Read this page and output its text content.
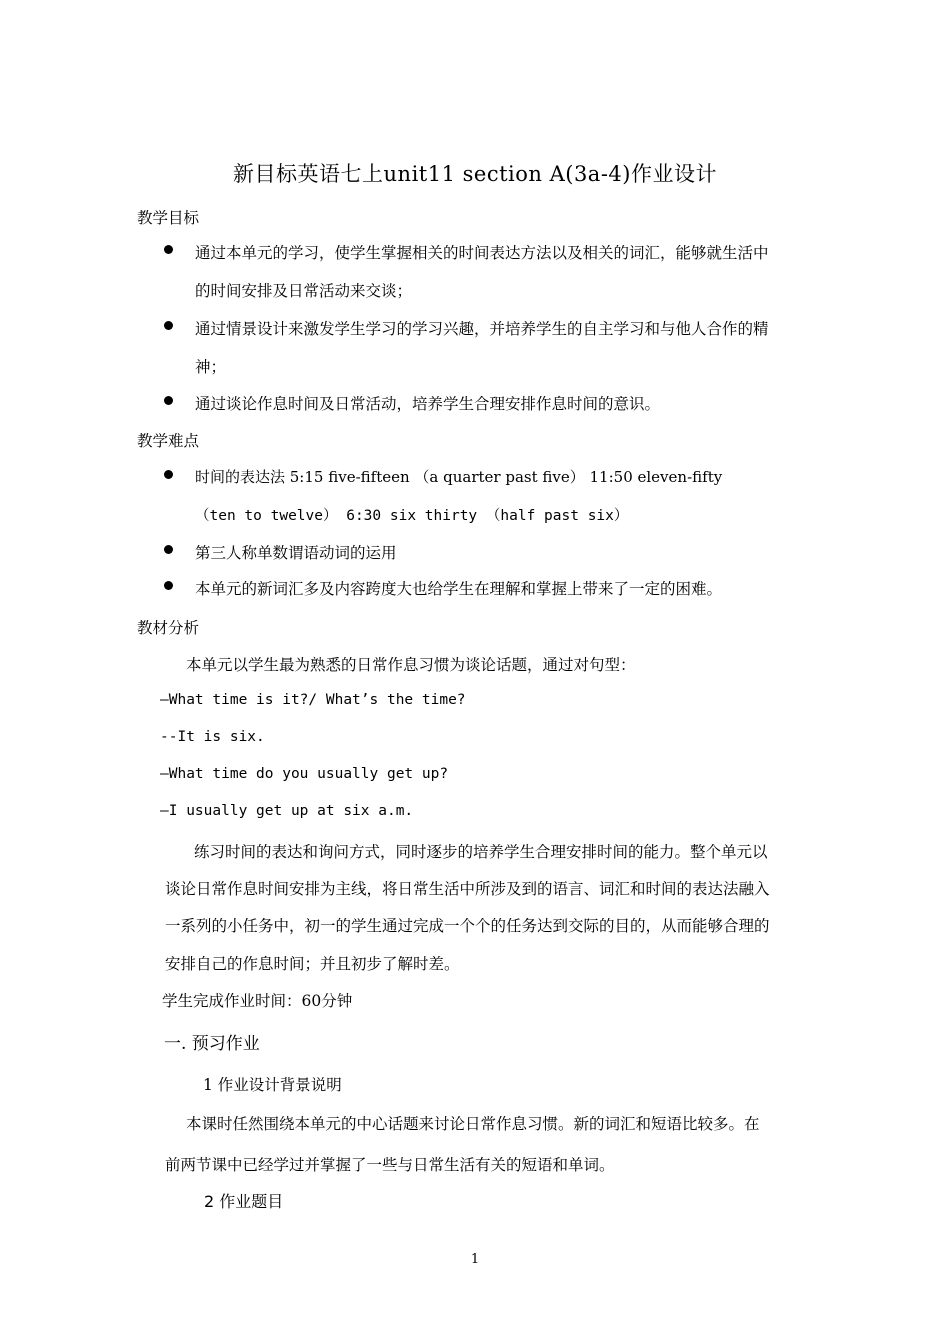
新目标英语七上unit11 section A(3a-4)作业设计
教学目标
通过本单元的学习，使学生掌握相关的时间表达方法以及相关的词汇，能够就生活中
的时间安排及日常活动来交谈；
通过情景设计来激发学生学习的学习兴趣，并培养学生的自主学习和与他人合作的精
神；
通过谈论作息时间及日常活动，培养学生合理安排作息时间的意识。
教学难点
时间的表达法 5:15 five-fifteen （a quarter past five） 11:50 eleven-fifty
（ten to twelve） 6:30 six thirty （half past six）
第三人称单数谓语动词的运用
本单元的新词汇多及内容跨度大也给学生在理解和掌握上带来了一定的困难。
教材分析
本单元以学生最为熟悉的日常作息习惯为谈论话题，通过对句型：
—What time is it?/ What’s the time?
--It is six.
—What time do you usually get up?
—I usually get up at six a.m.
练习时间的表达和询问方式，同时逐步的培养学生合理安排时间的能力。整个单元以
谈论日常作息时间安排为主线，将日常生活中所涉及到的语言、词汇和时间的表达法融入
一系列的小任务中，初一的学生通过完成一个个的任务达到交际的目的，从而能够合理的
安排自己的作息时间；并且初步了解时差。
学生完成作业时间：60分钟
一. 预习作业
1 作业设计背景说明
本课时任然围绕本单元的中心话题来讨论日常作息习惯。新的词汇和短语比较多。在
前两节课中已经学过并掌握了一些与日常生活有关的短语和单词。
2 作业题目
1
